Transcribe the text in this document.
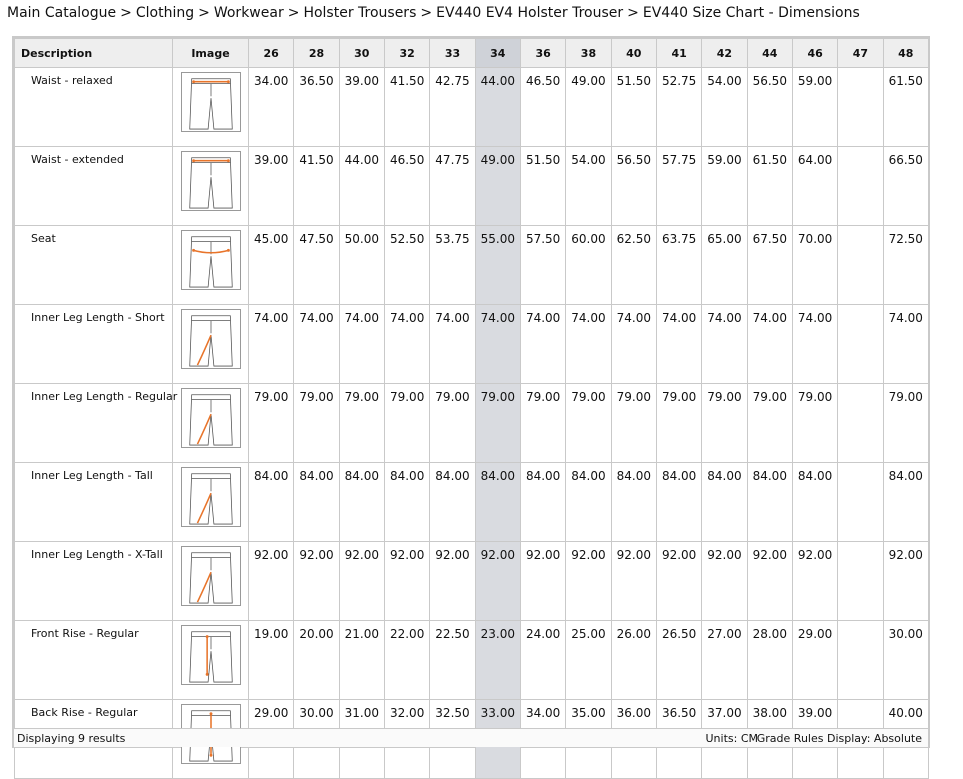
Main Catalogue > Clothing > Workwear > Holster Trousers > EV440 EV4 Holster Trouser > EV440 Size Chart - Dimensions
Description	Image	26	28	30	32	33	34	36	38	40	41	42	44	46	47	48
Waist - relaxed		34.00	36.50	39.00	41.50	42.75	44.00	46.50	49.00	51.50	52.75	54.00	56.50	59.00		61.50
Waist - extended		39.00	41.50	44.00	46.50	47.75	49.00	51.50	54.00	56.50	57.75	59.00	61.50	64.00		66.50
Seat		45.00	47.50	50.00	52.50	53.75	55.00	57.50	60.00	62.50	63.75	65.00	67.50	70.00		72.50
Inner Leg Length - Short		74.00	74.00	74.00	74.00	74.00	74.00	74.00	74.00	74.00	74.00	74.00	74.00	74.00		74.00
Inner Leg Length - Regular		79.00	79.00	79.00	79.00	79.00	79.00	79.00	79.00	79.00	79.00	79.00	79.00	79.00		79.00
Inner Leg Length - Tall		84.00	84.00	84.00	84.00	84.00	84.00	84.00	84.00	84.00	84.00	84.00	84.00	84.00		84.00
Inner Leg Length - X-Tall		92.00	92.00	92.00	92.00	92.00	92.00	92.00	92.00	92.00	92.00	92.00	92.00	92.00		92.00
Front Rise - Regular		19.00	20.00	21.00	22.00	22.50	23.00	24.00	25.00	26.00	26.50	27.00	28.00	29.00		30.00
Back Rise - Regular		29.00	30.00	31.00	32.00	32.50	33.00	34.00	35.00	36.00	36.50	37.00	38.00	39.00		40.00
Displaying 9 results	Units: CM
Grade Rules Display: Absolute
